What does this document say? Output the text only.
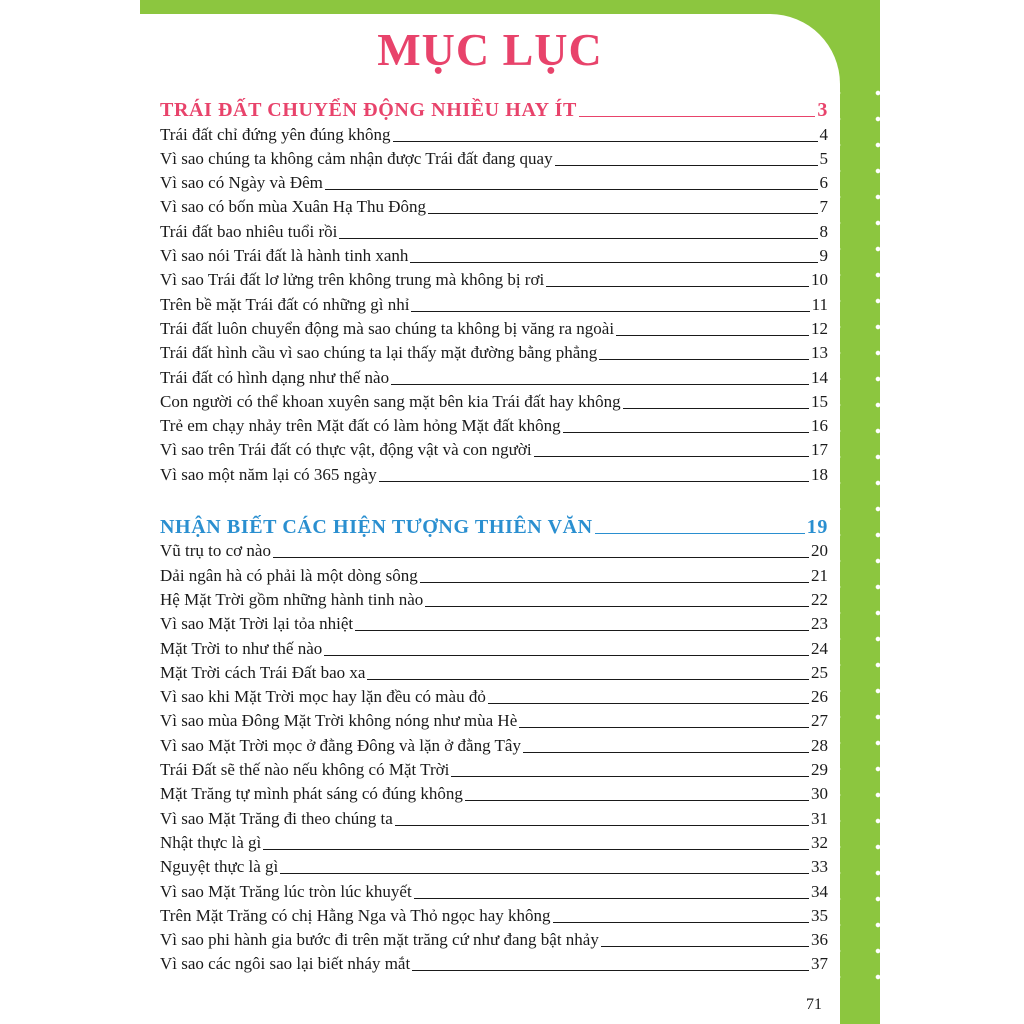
MỤC LỤC
TRÁI ĐẤT CHUYỂN ĐỘNG NHIỀU HAY ÍT	3
Trái đất chỉ đứng yên đúng không	4
Vì sao chúng ta không cảm nhận được Trái đất đang quay	5
Vì sao có Ngày và Đêm	6
Vì sao có bốn mùa Xuân Hạ Thu Đông	7
Trái đất bao nhiêu tuổi rồi	8
Vì sao nói Trái đất là hành tinh xanh	9
Vì sao Trái đất lơ lửng trên không trung mà không bị rơi	10
Trên bề mặt Trái đất có những gì nhỉ	11
Trái đất luôn chuyển động mà sao chúng ta không bị văng ra ngoài	12
Trái đất hình cầu vì sao chúng ta lại thấy mặt đường bằng phẳng	13
Trái đất có hình dạng như thế nào	14
Con người có thể khoan xuyên sang mặt bên kia Trái đất hay không	15
Trẻ em chạy nhảy trên Mặt đất có làm hỏng Mặt đất không	16
Vì sao trên Trái đất có thực vật, động vật và con người	17
Vì sao một năm lại có 365 ngày	18
NHẬN BIẾT CÁC HIỆN TƯỢNG THIÊN VĂN	19
Vũ trụ to cơ nào	20
Dải ngân hà có phải là một dòng sông	21
Hệ Mặt Trời gồm những hành tinh nào	22
Vì sao Mặt Trời lại tỏa nhiệt	23
Mặt Trời to như thế nào	24
Mặt Trời cách Trái Đất bao xa	25
Vì sao khi Mặt Trời mọc hay lặn đều có màu đỏ	26
Vì sao mùa Đông Mặt Trời không nóng như mùa Hè	27
Vì sao Mặt Trời mọc ở đằng Đông và lặn ở đằng Tây	28
Trái Đất sẽ thế nào nếu không có Mặt Trời	29
Mặt Trăng tự mình phát sáng có đúng không	30
Vì sao Mặt Trăng đi theo chúng ta	31
Nhật thực là gì	32
Nguyệt thực là gì	33
Vì sao Mặt Trăng lúc tròn lúc khuyết	34
Trên Mặt Trăng có chị Hằng Nga và Thỏ ngọc hay không	35
Vì sao phi hành gia bước đi trên mặt trăng cứ như đang bật nhảy	36
Vì sao các ngôi sao lại biết nháy mắt	37
71
